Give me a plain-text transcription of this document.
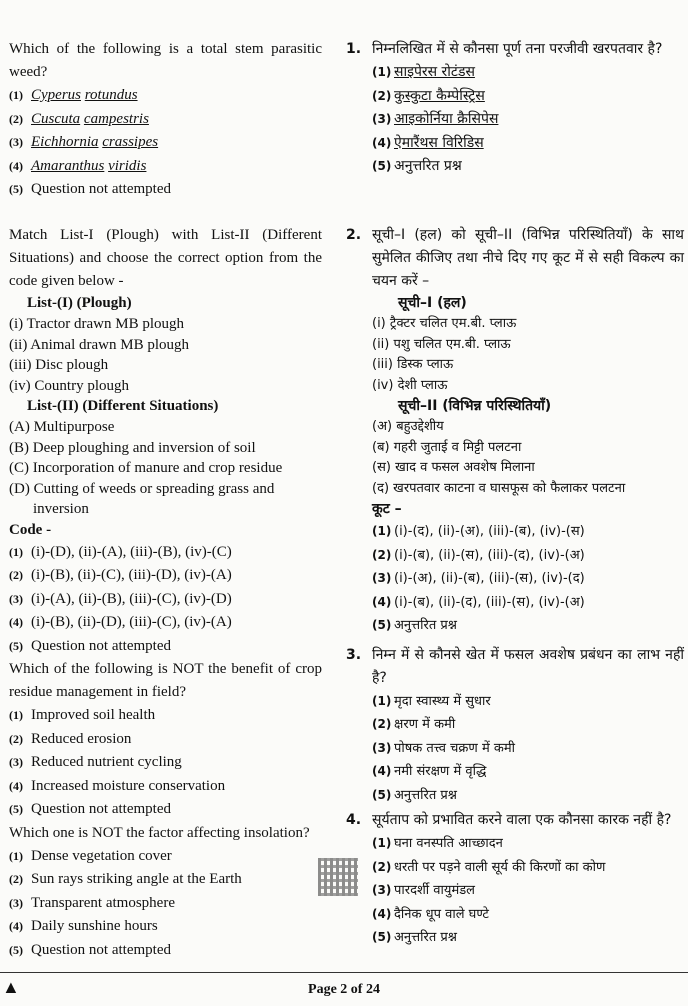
Which of the following is a total stem parasitic weed?
(1) Cyperus rotundus
(2) Cuscuta campestris
(3) Eichhornia crassipes
(4) Amaranthus viridis
(5) Question not attempted
Match List-I (Plough) with List-II (Different Situations) and choose the correct option from the code given below -
List-(I) (Plough)
(i) Tractor drawn MB plough
(ii) Animal drawn MB plough
(iii) Disc plough
(iv) Country plough
List-(II) (Different Situations)
(A) Multipurpose
(B) Deep ploughing and inversion of soil
(C) Incorporation of manure and crop residue
(D) Cutting of weeds or spreading grass and inversion
Code -
(1) (i)-(D), (ii)-(A), (iii)-(B), (iv)-(C)
(2) (i)-(B), (ii)-(C), (iii)-(D), (iv)-(A)
(3) (i)-(A), (ii)-(B), (iii)-(C), (iv)-(D)
(4) (i)-(B), (ii)-(D), (iii)-(C), (iv)-(A)
(5) Question not attempted
Which of the following is NOT the benefit of crop residue management in field?
(1) Improved soil health
(2) Reduced erosion
(3) Reduced nutrient cycling
(4) Increased moisture conservation
(5) Question not attempted
Which one is NOT the factor affecting insolation?
(1) Dense vegetation cover
(2) Sun rays striking angle at the Earth
(3) Transparent atmosphere
(4) Daily sunshine hours
(5) Question not attempted
1. निम्नलिखित में से कौनसा पूर्ण तना परजीवी खरपतवार है?
(1) साइपेरस रोटंडस
(2) कुस्कुटा कैम्पेस्ट्रिस
(3) आइकोर्निया क्रैसिपेस
(4) ऐमारैंथस विरिडिस
(5) अनुत्तरित प्रश्न
2. सूची–I (हल) को सूची–II (विभिन्न परिस्थितियाँ) के साथ सुमेलित कीजिए तथा नीचे दिए गए कूट में से सही विकल्प का चयन करें –
सूची–I (हल)
(i) ट्रैक्टर चलित एम.बी. प्लाऊ
(ii) पशु चलित एम.बी. प्लाऊ
(iii) डिस्क प्लाऊ
(iv) देशी प्लाऊ
सूची–II (विभिन्न परिस्थितियाँ)
(अ) बहुउद्देशीय
(ब) गहरी जुताई व मिट्टी पलटना
(स) खाद व फसल अवशेष मिलाना
(द) खरपतवार काटना व घासफूस को फैलाकर पलटना
कूट –
(1) (i)-(द), (ii)-(अ), (iii)-(ब), (iv)-(स)
(2) (i)-(ब), (ii)-(स), (iii)-(द), (iv)-(अ)
(3) (i)-(अ), (ii)-(ब), (iii)-(स), (iv)-(द)
(4) (i)-(ब), (ii)-(द), (iii)-(स), (iv)-(अ)
(5) अनुत्तरित प्रश्न
3. निम्न में से कौनसे खेत में फसल अवशेष प्रबंधन का लाभ नहीं है?
(1) मृदा स्वास्थ्य में सुधार
(2) क्षरण में कमी
(3) पोषक तत्त्व चक्रण में कमी
(4) नमी संरक्षण में वृद्धि
(5) अनुत्तरित प्रश्न
4. सूर्यताप को प्रभावित करने वाला एक कौनसा कारक नहीं है?
(1) घना वनस्पति आच्छादन
(2) धरती पर पड़ने वाली सूर्य की किरणों का कोण
(3) पारदर्शी वायुमंडल
(4) दैनिक धूप वाले घण्टे
(5) अनुत्तरित प्रश्न
▲	Page 2 of 24
